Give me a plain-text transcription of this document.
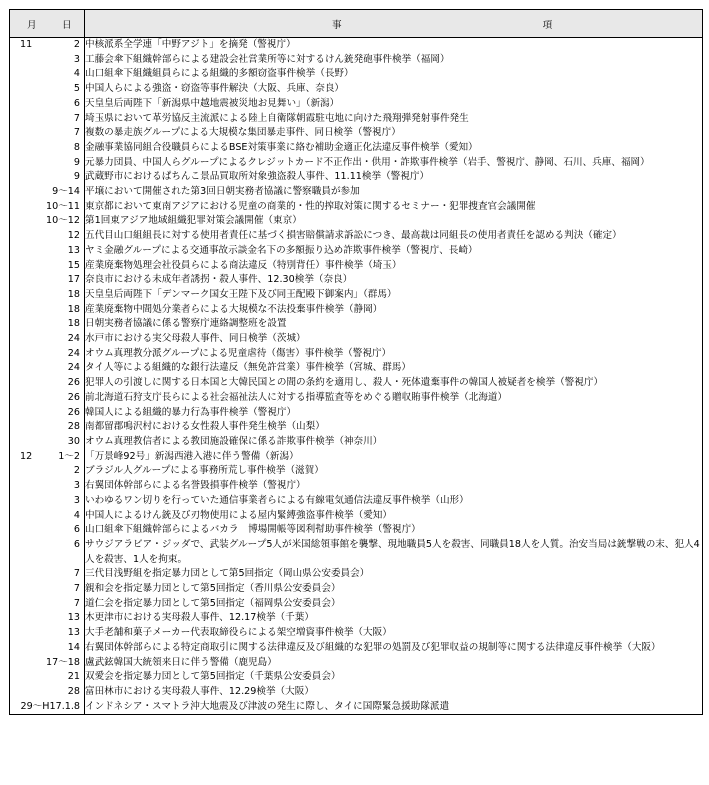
月 日	事 項

11 2	中核派系全学連「中野アジト」を摘発（警視庁）

3	工藤会傘下組織幹部らによる建設会社営業所等に対するけん銃発砲事件検挙（福岡）

4	山口組傘下組織組員らによる組織的多額窃盗事件検挙（長野）

5	中国人らによる強盗・窃盗等事件解決（大阪、兵庫、奈良）

6	天皇皇后両陛下「新潟県中越地震被災地お見舞い」（新潟）

7	埼玉県において革労協反主流派による陸上自衛隊朝霞駐屯地に向けた飛翔弾発射事件発生

7	複数の暴走族グループによる大規模な集団暴走事件、同日検挙（警視庁）

8	金融事業協同組合役職員らによるBSE対策事業に絡む補助金適正化法違反事件検挙（愛知）

9	元暴力団員、中国人らグループによるクレジットカード不正作出・供用・詐欺事件検挙（岩手、警視庁、静岡、石川、兵庫、福岡）

9	武蔵野市におけるぱちんこ景品買取所対象強盗殺人事件、11.11検挙（警視庁）

9～14	平壌において開催された第3回日朝実務者協議に警察職員が参加

10～11	東京都において東南アジアにおける児童の商業的・性的搾取対策に関するセミナー・犯罪捜査官会議開催

10～12	第1回東アジア地域組織犯罪対策会議開催（東京）

12	五代目山口組組長に対する使用者責任に基づく損害賠償請求訴訟につき、最高裁は同組長の使用者責任を認める判決（確定）

13	ヤミ金融グループによる交通事故示談金名下の多額振り込め詐欺事件検挙（警視庁、長崎）

15	産業廃棄物処理会社役員らによる商法違反（特別背任）事件検挙（埼玉）

17	奈良市における未成年者誘拐・殺人事件、12.30検挙（奈良）

18	天皇皇后両陛下「デンマーク国女王陛下及び同王配殿下御案内」（群馬）

18	産業廃棄物中間処分業者らによる大規模な不法投棄事件検挙（静岡）

18	日朝実務者協議に係る警察庁連絡調整班を設置

24	水戸市における実父母殺人事件、同日検挙（茨城）

24	オウム真理教分派グループによる児童虐待（傷害）事件検挙（警視庁）

24	タイ人等による組織的な銀行法違反（無免許営業）事件検挙（宮城、群馬）

26	犯罪人の引渡しに関する日本国と大韓民国との間の条約を適用し、殺人・死体遺棄事件の韓国人被疑者を検挙（警視庁）

26	前北海道石狩支庁長らによる社会福祉法人に対する指導監査等をめぐる贈収賄事件検挙（北海道）

26	韓国人による組織的暴力行為事件検挙（警視庁）

28	南都留郡鳴沢村における女性殺人事件発生検挙（山梨）

30	オウム真理教信者による教団施設確保に係る詐欺事件検挙（神奈川）

12 1～2	「万景峰92号」新潟西港入港に伴う警備（新潟）

2	ブラジル人グループによる事務所荒し事件検挙（滋賀）

3	右翼団体幹部らによる名誉毀損事件検挙（警視庁）

3	いわゆるワン切りを行っていた通信事業者らによる有線電気通信法違反事件検挙（山形）

4	中国人によるけん銃及び刃物使用による屋内緊縛強盗事件検挙（愛知）

6	山口組傘下組織幹部らによるバカラ　博場開帳等図利幇助事件検挙（警視庁）

6	サウジアラビア・ジッダで、武装グループ5人が米国総領事館を襲撃、現地職員5人を殺害、同職員18人を人質。治安当局は銃撃戦の末、犯人4人を殺害、1人を拘束。

7	三代目浅野組を指定暴力団として第5回指定（岡山県公安委員会）

7	親和会を指定暴力団として第5回指定（香川県公安委員会）

7	道仁会を指定暴力団として第5回指定（福岡県公安委員会）

13	木更津市における実母殺人事件、12.17検挙（千葉）

13	大手老舗和菓子メーカー代表取締役らによる架空増資事件検挙（大阪）

14	右翼団体幹部らによる特定商取引に関する法律違反及び組織的な犯罪の処罰及び犯罪収益の規制等に関する法律違反事件検挙（大阪）

17～18	盧武鉉韓国大統領来日に伴う警備（鹿児島）

21	双愛会を指定暴力団として第5回指定（千葉県公安委員会）

28	富田林市における実母殺人事件、12.29検挙（大阪）

29～H17.1.8	インドネシア・スマトラ沖大地震及び津波の発生に際し、タイに国際緊急援助隊派遣
